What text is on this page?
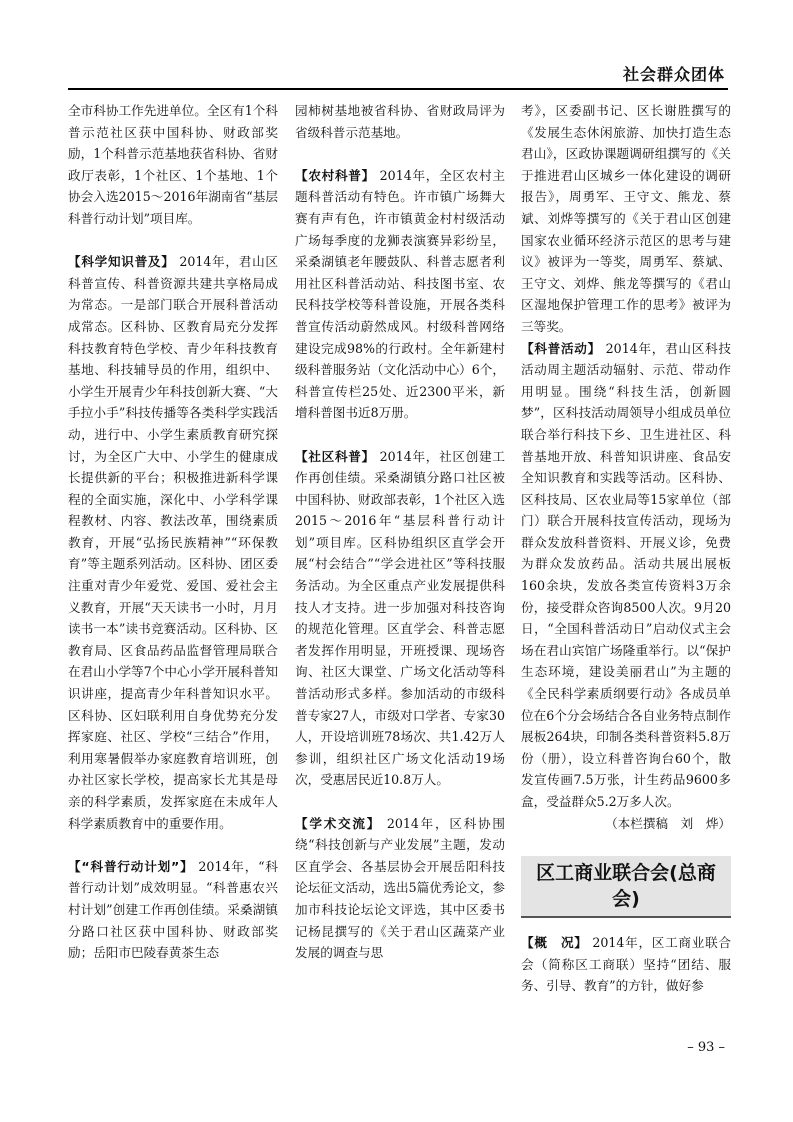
社会群众团体

全市科协工作先进单位。全区有1个科普示范社区获中国科协、财政部奖励，1个科普示范基地获省科协、省财政厅表彰，1个社区、1个基地、1个协会入选2015～2016年湖南省“基层科普行动计划”项目库。

【科学知识普及】 2014年，君山区科普宣传、科普资源共建共享格局成为常态。一是部门联合开展科普活动成常态。区科协、区教育局充分发挥科技教育特色学校、青少年科技教育基地、科技辅导员的作用，组织中、小学生开展青少年科技创新大赛、“大手拉小手”科技传播等各类科学实践活动，进行中、小学生素质教育研究探讨，为全区广大中、小学生的健康成长提供新的平台；积极推进新科学课程的全面实施，深化中、小学科学课程教材、内容、教法改革，围绕素质教育，开展“弘扬民族精神”“环保教育”等主题系列活动。区科协、团区委注重对青少年爱党、爱国、爱社会主义教育，开展“天天读书一小时，月月读书一本”读书竞赛活动。区科协、区教育局、区食品药品监督管理局联合在君山小学等7个中心小学开展科普知识讲座，提高青少年科普知识水平。区科协、区妇联利用自身优势充分发挥家庭、社区、学校“三结合”作用，利用寒暑假举办家庭教育培训班，创办社区家长学校，提高家长尤其是母亲的科学素质，发挥家庭在未成年人科学素质教育中的重要作用。

【“科普行动计划”】 2014年，“科普行动计划”成效明显。“科普惠农兴村计划”创建工作再创佳绩。采桑湖镇分路口社区获中国科协、财政部奖励；岳阳市巴陵春黄茶生态

园柿树基地被省科协、省财政局评为省级科普示范基地。

【农村科普】 2014年，全区农村主题科普活动有特色。许市镇广场舞大赛有声有色，许市镇黄金村村级活动广场每季度的龙狮表演赛异彩纷呈，采桑湖镇老年腰鼓队、科普志愿者利用社区科普活动站、科技图书室、农民科技学校等科普设施，开展各类科普宣传活动蔚然成风。村级科普网络建设完成98%的行政村。全年新建村级科普服务站（文化活动中心）6个，科普宣传栏25处、近2300平米，新增科普图书近8万册。

【社区科普】 2014年，社区创建工作再创佳绩。采桑湖镇分路口社区被中国科协、财政部表彰，1个社区入选2015～2016年“基层科普行动计划”项目库。区科协组织区直学会开展“村会结合”“学会进社区”等科技服务活动。为全区重点产业发展提供科技人才支持。进一步加强对科技咨询的规范化管理。区直学会、科普志愿者发挥作用明显，开班授课、现场咨询、社区大课堂、广场文化活动等科普活动形式多样。参加活动的市级科普专家27人，市级对口学者、专家30人，开设培训班78场次、共1.42万人参训，组织社区广场文化活动19场次，受惠居民近10.8万人。

【学术交流】 2014年，区科协围绕“科技创新与产业发展”主题，发动区直学会、各基层协会开展岳阳科技论坛征文活动，选出5篇优秀论文，参加市科技论坛论文评选，其中区委书记杨昆撰写的《关于君山区蔬菜产业发展的调查与思

考》，区委副书记、区长谢胜撰写的《发展生态休闲旅游、加快打造生态君山》，区政协课题调研组撰写的《关于推进君山区城乡一体化建设的调研报告》，周勇军、王守文、熊龙、蔡斌、刘烨等撰写的《关于君山区创建国家农业循环经济示范区的思考与建议》被评为一等奖，周勇军、蔡斌、王守文、刘烨、熊龙等撰写的《君山区湿地保护管理工作的思考》被评为三等奖。

【科普活动】 2014年，君山区科技活动周主题活动辐射、示范、带动作用明显。围绕“科技生活，创新圆梦”，区科技活动周领导小组成员单位联合举行科技下乡、卫生进社区、科普基地开放、科普知识讲座、食品安全知识教育和实践等活动。区科协、区科技局、区农业局等15家单位（部门）联合开展科技宣传活动，现场为群众发放科普资料、开展义诊，免费为群众发放药品。活动共展出展板160余块，发放各类宣传资料3万余份，接受群众咨询8500人次。9月20日，“全国科普活动日”启动仪式主会场在君山宾馆广场隆重举行。以“保护生态环境，建设美丽君山”为主题的《全民科学素质纲要行动》各成员单位在6个分会场结合各自业务特点制作展板264块，印制各类科普资料5.8万份（册），设立科普咨询台60个，散发宣传画7.5万张，计生药品9600多盒，受益群众5.2万多人次。

（本栏撰稿　刘　烨）

区工商业联合会(总商会)

【概　况】 2014年，区工商业联合会（简称区工商联）坚持“团结、服务、引导、教育”的方针，做好参

– 93 –
